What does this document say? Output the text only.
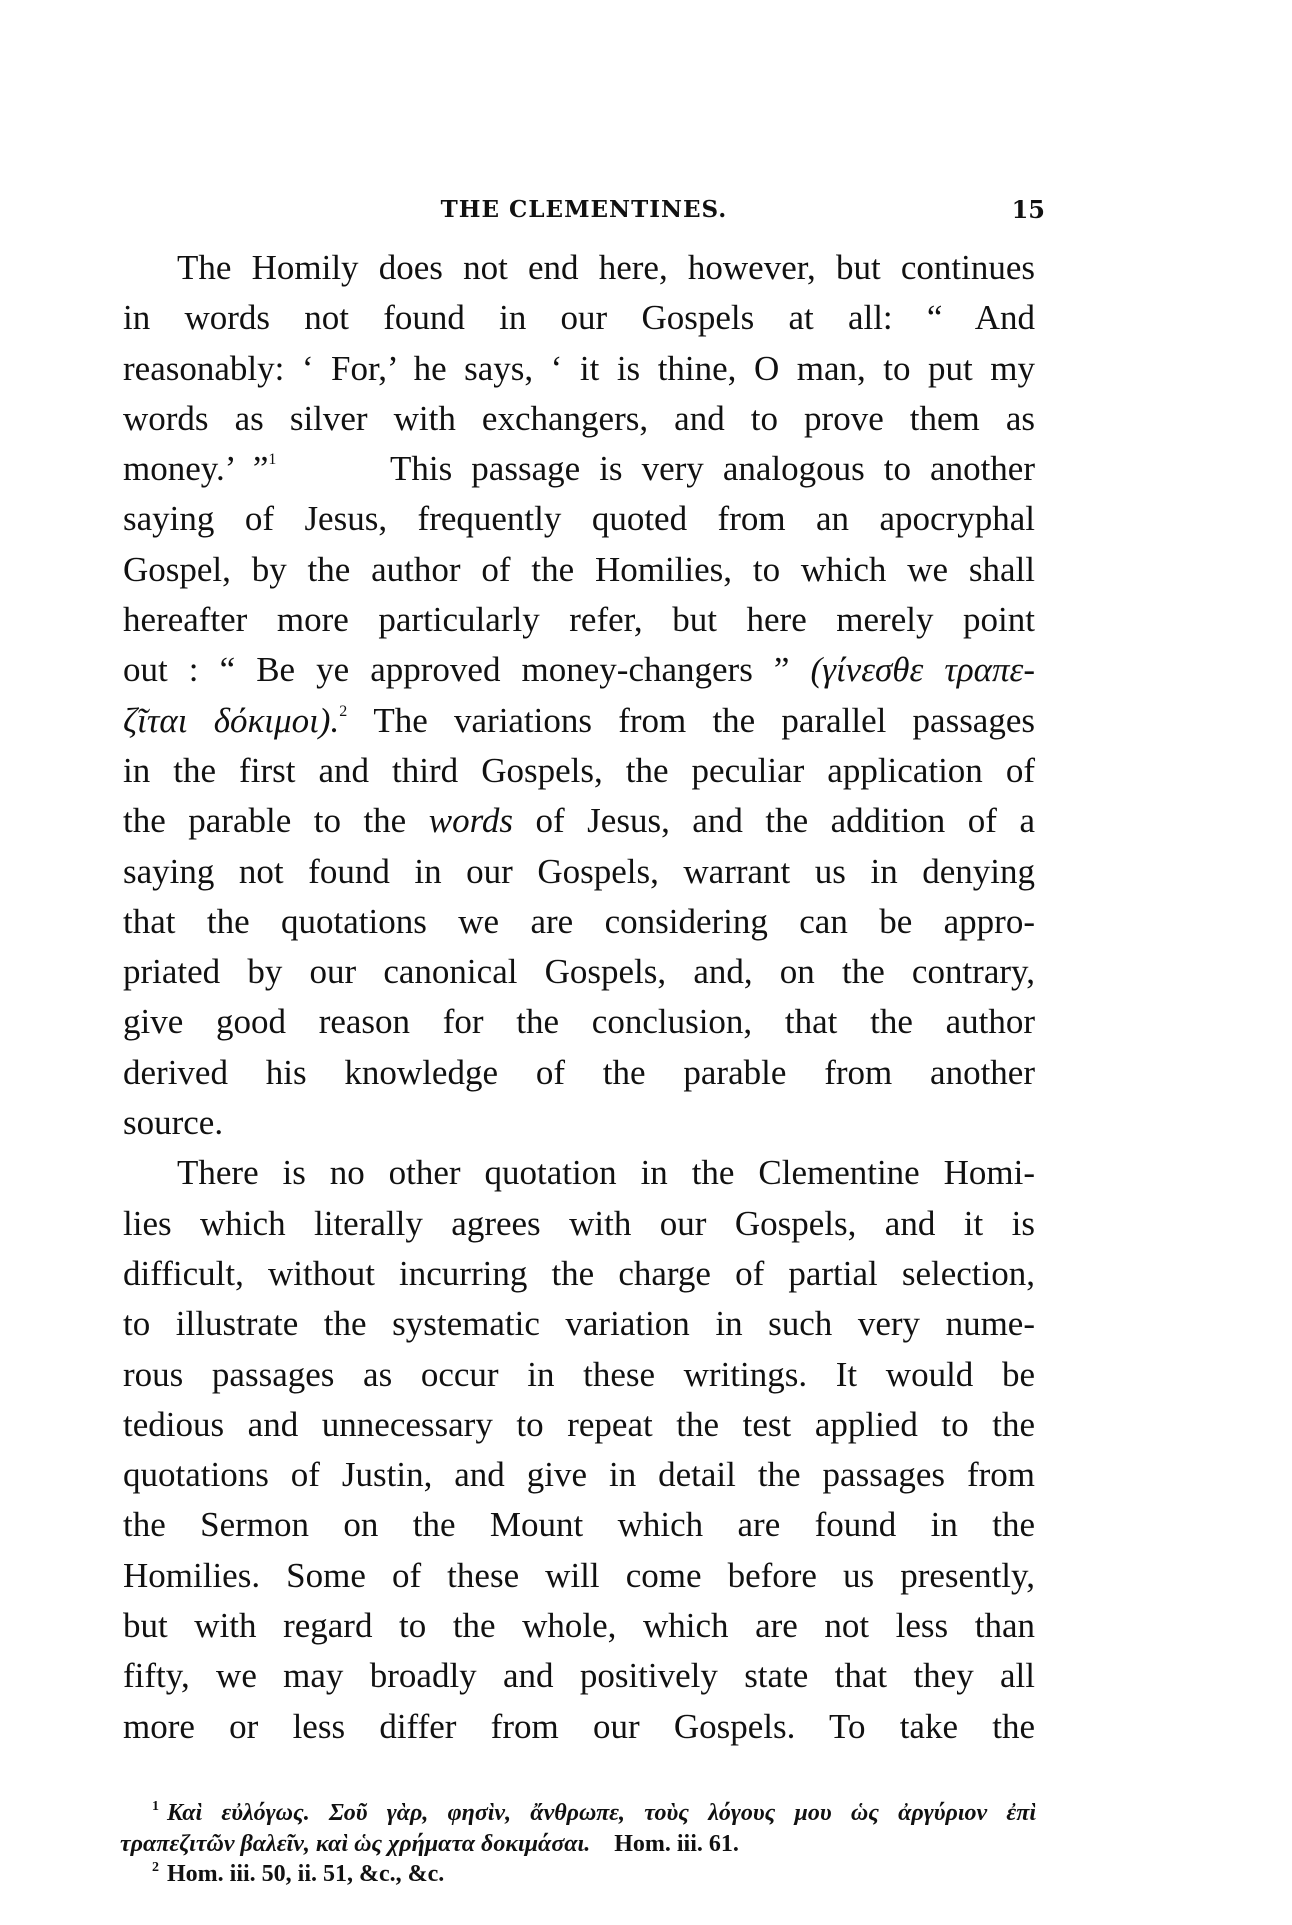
THE CLEMENTINES.	15
The Homily does not end here, however, but continues
in words not found in our Gospels at all: “ And
reasonably: ‘ For,’ he says, ‘ it is thine, O man, to put my
words as silver with exchangers, and to prove them as
money.’ ”$^1$	This passage is very analogous to another
saying of Jesus, frequently quoted from an apocryphal
Gospel, by the author of the Homilies, to which we shall
hereafter more particularly refer, but here merely point
out : “ Be ye approved money-changers ” (γίνεσθε τραπε-
ζῖται δόκιμοι).$^2$ The variations from the parallel passages
in the first and third Gospels, the peculiar application of
the parable to the words of Jesus, and the addition of a
saying not found in our Gospels, warrant us in denying
that the quotations we are considering can be appro-
priated by our canonical Gospels, and, on the contrary,
give good reason for the conclusion, that the author
derived his knowledge of the parable from another
source.
There is no other quotation in the Clementine Homi-
lies which literally agrees with our Gospels, and it is
difficult, without incurring the charge of partial selection,
to illustrate the systematic variation in such very nume-
rous passages as occur in these writings. It would be
tedious and unnecessary to repeat the test applied to the
quotations of Justin, and give in detail the passages from
the Sermon on the Mount which are found in the
Homilies. Some of these will come before us presently,
but with regard to the whole, which are not less than
fifty, we may broadly and positively state that they all
more or less differ from our Gospels. To take the
$^1$ Καὶ εὐλόγως. Σοῦ γὰρ, φησὶν, ἄνθρωπε, τοὺς λόγους μου ὡς ἀργύριον ἐπὶ
τραπεζιτῶν βαλεῖν, καὶ ὡς χρήματα δοκιμάσαι. Hom. iii. 61.
$^2$ Hom. iii. 50, ii. 51, &c., &c.
